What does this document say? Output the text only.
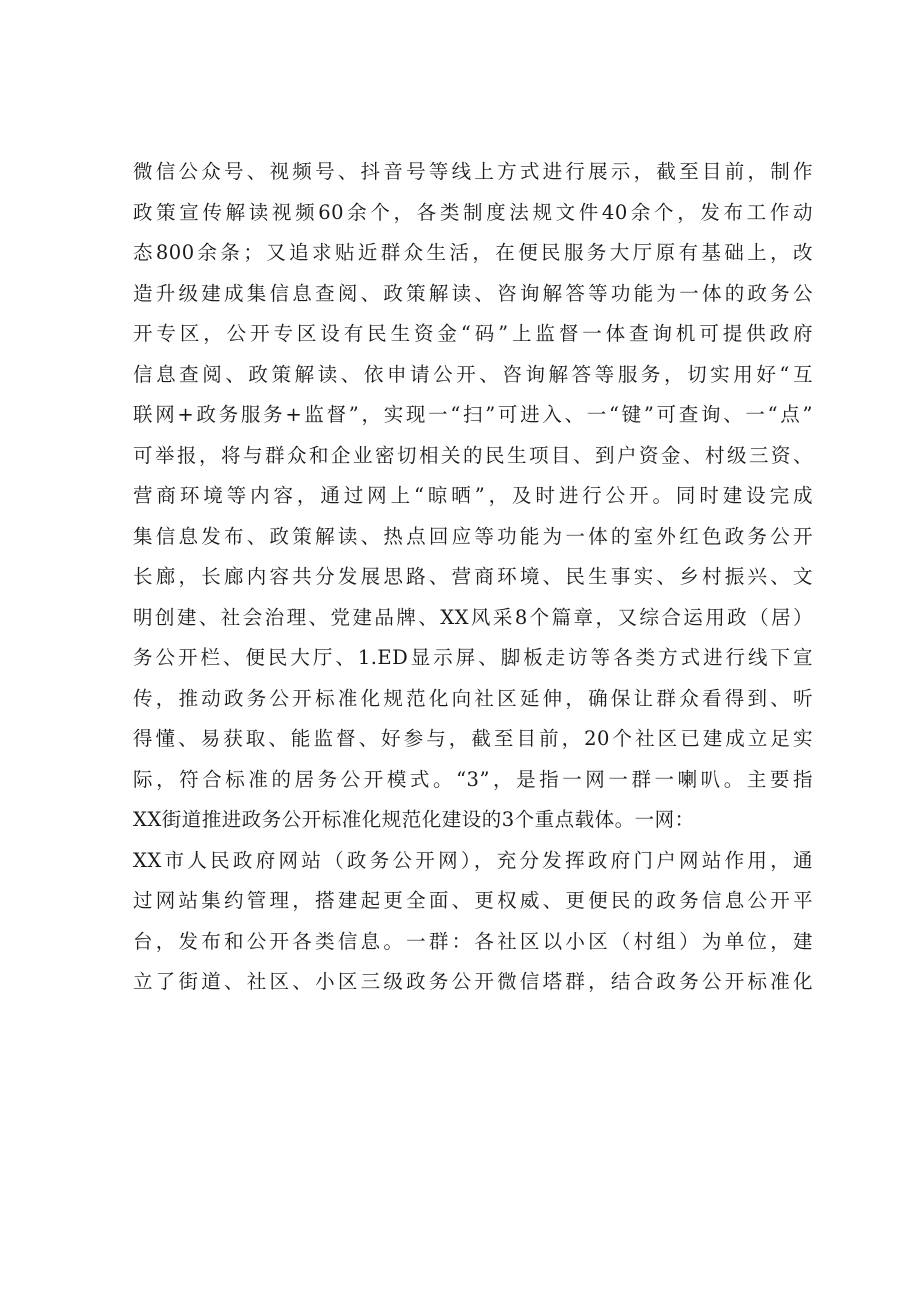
微信公众号、视频号、抖音号等线上方式进行展示，截至目前，制作
政策宣传解读视频60余个，各类制度法规文件40余个，发布工作动
态800余条；又追求贴近群众生活，在便民服务大厅原有基础上，改
造升级建成集信息查阅、政策解读、咨询解答等功能为一体的政务公
开专区，公开专区设有民生资金“码”上监督一体查询机可提供政府
信息查阅、政策解读、依申请公开、咨询解答等服务，切实用好“互
联网+政务服务+监督”，实现一“扫”可进入、一“键”可查询、一“点”
可举报，将与群众和企业密切相关的民生项目、到户资金、村级三资、
营商环境等内容，通过网上“晾晒”，及时进行公开。同时建设完成
集信息发布、政策解读、热点回应等功能为一体的室外红色政务公开
长廊，长廊内容共分发展思路、营商环境、民生事实、乡村振兴、文
明创建、社会治理、党建品牌、XX风采8个篇章，又综合运用政（居）
务公开栏、便民大厅、1.ED显示屏、脚板走访等各类方式进行线下宣
传，推动政务公开标准化规范化向社区延伸，确保让群众看得到、听
得懂、易获取、能监督、好参与，截至目前，20个社区已建成立足实
际，符合标准的居务公开模式。“3”，是指一网一群一喇叭。主要指
XX街道推进政务公开标准化规范化建设的3个重点载体。一网：
XX市人民政府网站（政务公开网），充分发挥政府门户网站作用，通
过网站集约管理，搭建起更全面、更权威、更便民的政务信息公开平
台，发布和公开各类信息。一群：各社区以小区（村组）为单位，建
立了街道、社区、小区三级政务公开微信塔群，结合政务公开标准化
